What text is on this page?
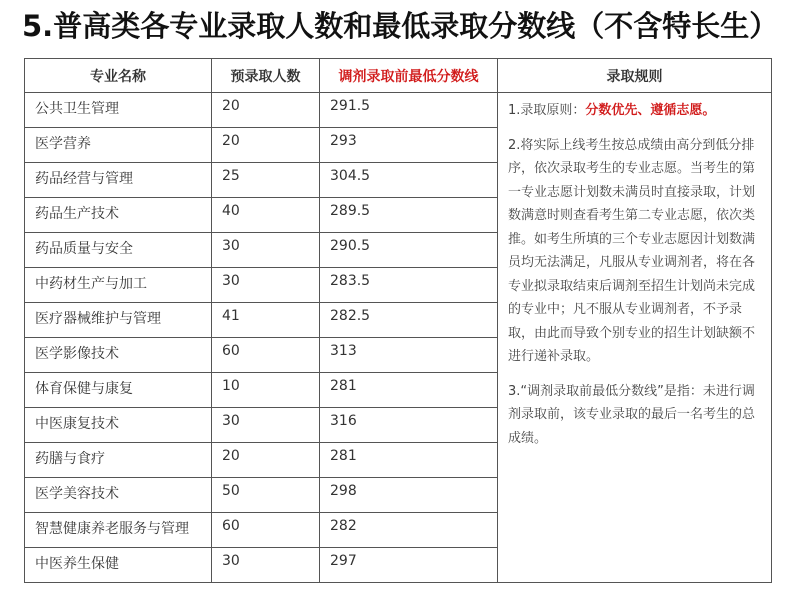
5.普高类各专业录取人数和最低录取分数线（不含特长生）
专业名称	预录取人数	调剂录取前最低分数线	录取规则

公共卫生管理	20	291.5	1.录取原则：分数优先、遵循志愿。

2.将实际上线考生按总成绩由高分到低分排序，依次录取考生的专业志愿。当考生的第一专业志愿计划数未满员时直接录取，计划数满意时则查看考生第二专业志愿，依次类推。如考生所填的三个专业志愿因计划数满员均无法满足，凡服从专业调剂者，将在各专业拟录取结束后调剂至招生计划尚未完成的专业中；凡不服从专业调剂者，不予录取，由此而导致个别专业的招生计划缺额不进行递补录取。

3.“调剂录取前最低分数线”是指：未进行调剂录取前，该专业录取的最后一名考生的总成绩。

医学营养	20	293	

药品经营与管理	25	304.5	

药品生产技术	40	289.5	

药品质量与安全	30	290.5	

中药材生产与加工	30	283.5	

医疗器械维护与管理	41	282.5	

医学影像技术	60	313	

体育保健与康复	10	281	

中医康复技术	30	316	

药膳与食疗	20	281	

医学美容技术	50	298	

智慧健康养老服务与管理	60	282	

中医养生保健	30	297	
